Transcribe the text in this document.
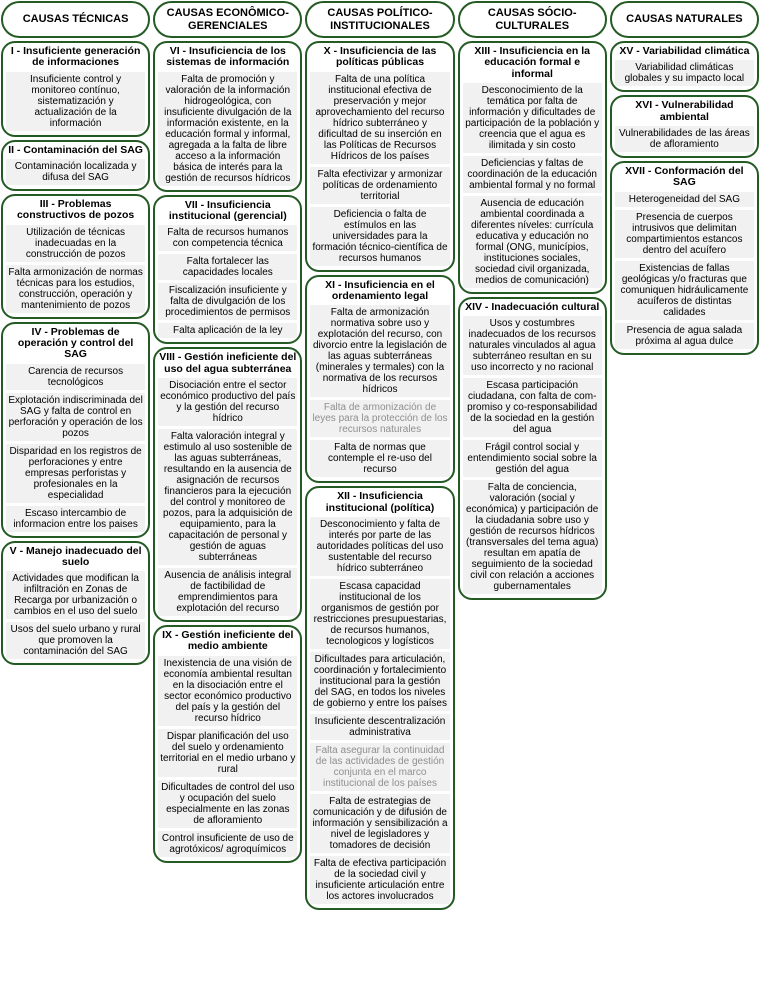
CAUSAS TÉCNICAS
I - Insuficiente generación de informaciones
Insuficiente control y monitoreo contínuo, sistematización y actualización de la información
II - Contaminación del SAG
Contaminación localizada y difusa del SAG
III - Problemas constructivos de pozos
Utilización de técnicas inadecuadas en la construcción de pozos
Falta armonización de normas técnicas para los estudios, construcción, operación y mantenimiento de pozos
IV - Problemas de operación y control del SAG
Carencia de recursos tecnológicos
Explotación indiscriminada del SAG y falta de control en perforación y operación de los pozos
Disparidad en los registros de perforaciones y entre empresas perforistas y profesionales en la especialidad
Escaso intercambio de informacion entre los paises
V - Manejo inadecuado del suelo
Actividades que modifican la infiltración en Zonas de Recarga por urbanización o cambios en el uso del suelo
Usos del suelo urbano y rural que promoven la contaminación del SAG
CAUSAS ECONÔMICO-GERENCIALES
VI - Insuficiencia de los sistemas de información
Falta de promoción y valoración de la información hidrogeológica, con insuficiente divulgación de la información existente, en la educación formal y informal, agregada a la falta de libre acceso a la información básica de interés para la gestión de recursos hídricos
VII - Insuficiencia institucional (gerencial)
Falta de recursos humanos con competencia técnica
Falta fortalecer las capacidades locales
Fiscalización insuficiente y falta de divulgación de los procedimientos de permisos
Falta aplicación de la ley
VIII - Gestión ineficiente del uso del agua subterránea
Disociación entre el sector económico productivo del país y la gestión del recurso hídrico
Falta valoración integral y estimulo al uso sostenible de las aguas subterráneas, resultando en la ausencia de asignación de recursos financieros para la ejecución del control y monitoreo de pozos, para la adquisición de equipamiento, para la capacitación de personal y gestión de aguas subterráneas
Ausencia de análisis integral de factibilidad de emprendimientos para explotación del recurso
IX - Gestión ineficiente del medio ambiente
Inexistencia de una visión de economía ambiental resultan en la disociación entre el sector económico productivo del país y la gestión del recurso hídrico
Dispar planificación del uso del suelo y ordenamiento territorial en el medio urbano y rural
Dificultades de control del uso y ocupación del suelo especialmente en las zonas de afloramiento
Control insuficiente de uso de agrotóxicos/ agroquímicos
CAUSAS POLÍTICO-INSTITUCIONALES
X - Insuficiencia de las políticas públicas
Falta de una política institucional efectiva de preservación y mejor aprovechamiento del recurso hídrico subterráneo y dificultad de su inserción en las Políticas de Recursos Hídricos de los países
Falta efectivizar y armonizar políticas de ordenamiento territorial
Deficiencia o falta de estímulos en las universidades para la formación técnico-científica de recursos humanos
XI - Insuficiencia en el ordenamiento legal
Falta de armonización normativa sobre uso y explotación del recurso, con divorcio entre la legislación de las aguas subterráneas (minerales y termales) con la normativa de los recursos hídricos
Falta de armonización de leyes para la protección de los recursos naturales
Falta de normas que contemple el re-uso del recurso
XII - Insuficiencia institucional (política)
Desconocimiento y falta de interés por parte de las autoridades políticas del uso sustentable del recurso hídrico subterráneo
Escasa capacidad institucional de los organismos de gestión por restricciones presupuestarias, de recursos humanos, tecnologicos y logísticos
Dificultades para articulación, coordinación y fortalecimiento institucional para la gestión del SAG, en todos los niveles de gobierno y entre los países
Insuficiente descentralización administrativa
Falta asegurar la continuidad de las actividades de gestión conjunta en el marco institucional de los países
Falta de estrategias de comunicación y de difusión de información y sensibilización a nivel de legisladores y tomadores de decisión
Falta de efectiva participación de la sociedad civil y insuficiente articulación entre los actores involucrados
CAUSAS SÓCIO-CULTURALES
XIII - Insuficiencia en la educación formal e informal
Desconocimiento de la temática por falta de información y dificultades de participación de la población y creencia que el agua es ilimitada y sin costo
Deficiencias y faltas de coordinación de la educación ambiental formal y no formal
Ausencia de educación ambiental coordinada a diferentes níveles: currícula educativa y educación no formal (ONG, municípios, instituciones sociales, sociedad civil organizada, medios de comunicación)
XIV - Inadecuación cultural
Usos y costumbres inadecuados de los recursos naturales vinculados al agua subterráneo resultan en su uso incorrecto y no racional
Escasa participación ciudadana, con falta de com-promiso y co-responsabilidad de la sociedad en la gestión del agua
Frágil control social y entendimiento social sobre la gestión del agua
Falta de conciencia, valoración (social y económica) y participación de la ciudadania sobre uso y gestión de recursos hídricos (transversales del tema agua) resultan em apatía de seguimiento de la sociedad civil con relación a acciones gubernamentales
CAUSAS NATURALES
XV - Variabilidad climática
Variabilidad climáticas globales y su impacto local
XVI - Vulnerabilidad ambiental
Vulnerabilidades de las áreas de afloramiento
XVII - Conformación del SAG
Heterogeneidad del SAG
Presencia de cuerpos intrusivos que delimitan compartimientos estancos dentro del acuífero
Existencias de fallas geológicas y/o fracturas que comuniquen hidráulicamente acuíferos de distintas calidades
Presencia de agua salada próxima al agua dulce
